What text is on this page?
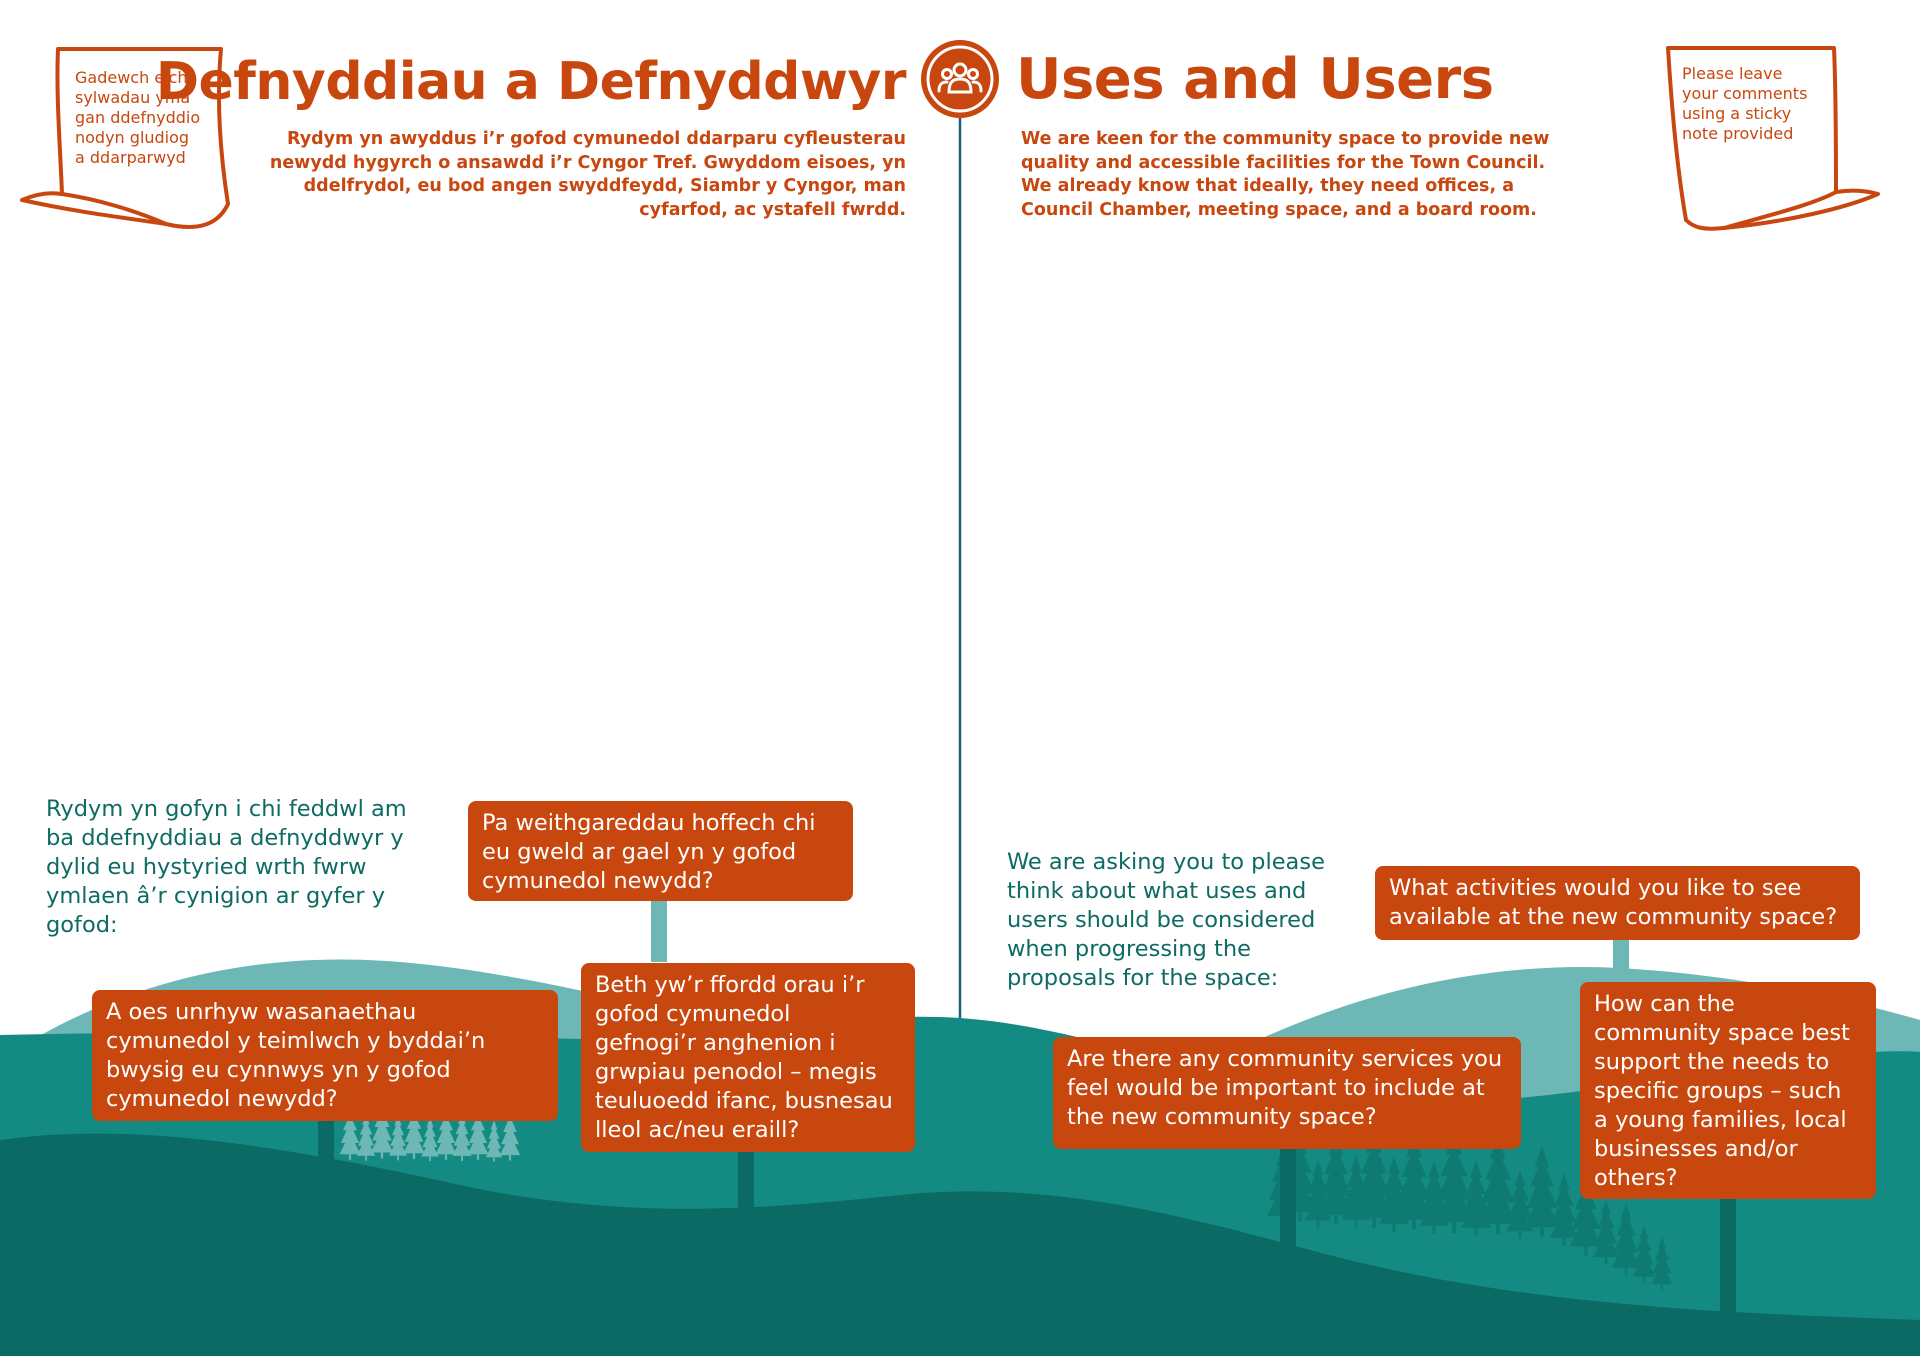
Gadewch eich
sylwadau yma
gan ddefnyddio
nodyn gludiog
a ddarparwyd
Please leave
your comments
using a sticky
note provided
Defnyddiau a Defnyddwyr Uses and Users
Rydym yn awyddus i’r gofod cymunedol ddarparu cyfleusterau
newydd hygyrch o ansawdd i’r Cyngor Tref. Gwyddom eisoes, yn
ddelfrydol, eu bod angen swyddfeydd, Siambr y Cyngor, man
cyfarfod, ac ystafell fwrdd.
We are keen for the community space to provide new
quality and accessible facilities for the Town Council.
We already know that ideally, they need offices, a
Council Chamber, meeting space, and a board room.
Rydym yn gofyn i chi feddwl am
ba ddefnyddiau a defnyddwyr y
dylid eu hystyried wrth fwrw
ymlaen â’r cynigion ar gyfer y
gofod:
We are asking you to please
think about what uses and
users should be considered
when progressing the
proposals for the space:
Pa weithgareddau hoffech chi
eu gweld ar gael yn y gofod
cymunedol newydd?
A oes unrhyw wasanaethau
cymunedol y teimlwch y byddai’n
bwysig eu cynnwys yn y gofod
cymunedol newydd?
Beth yw’r ffordd orau i’r
gofod cymunedol
gefnogi’r anghenion i
grwpiau penodol – megis
teuluoedd ifanc, busnesau
lleol ac/neu eraill?
What activities would you like to see
available at the new community space?
Are there any community services you
feel would be important to include at
the new community space?
How can the
community space best
support the needs to
specific groups – such
a young families, local
businesses and/or
others?
